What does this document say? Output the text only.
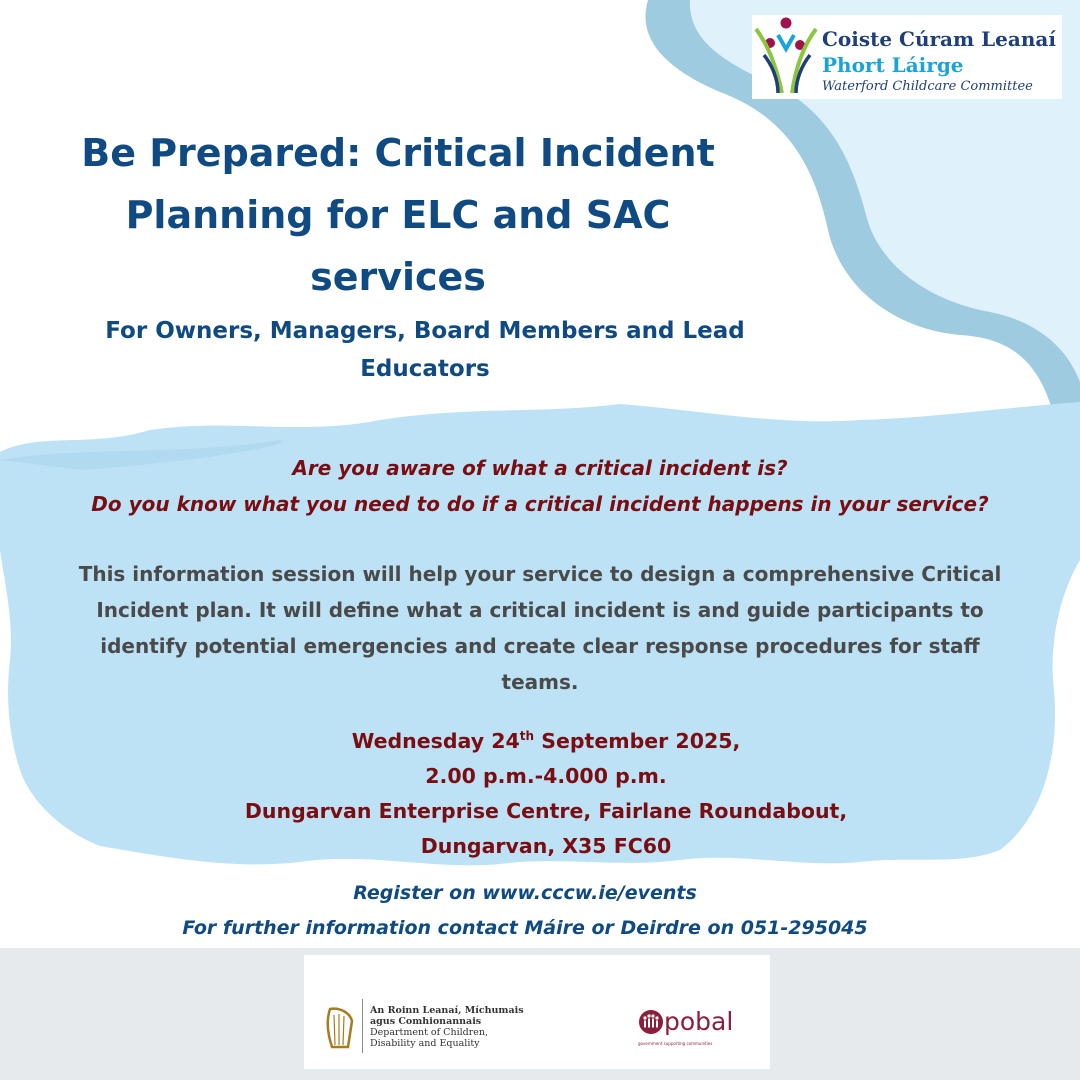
Coiste Cúram Leanaí
Phort Láirge
Waterford Childcare Committee
Be Prepared: Critical Incident
Planning for ELC and SAC
services
For Owners, Managers, Board Members and Lead
Educators
Are you aware of what a critical incident is?
Do you know what you need to do if a critical incident happens in your service?
This information session will help your service to design a comprehensive Critical
Incident plan. It will define what a critical incident is and guide participants to
identify potential emergencies and create clear response procedures for staff
teams.
Wednesday 24th September 2025,
2.00 p.m.-4.000 p.m.
Dungarvan Enterprise Centre, Fairlane Roundabout,
Dungarvan, X35 FC60
Register on www.cccw.ie/events
For further information contact Máire or Deirdre on 051-295045
An Roinn Leanaí, Míchumais
agus Comhionannais
Department of Children,
Disability and Equality
pobal
government supporting communities
